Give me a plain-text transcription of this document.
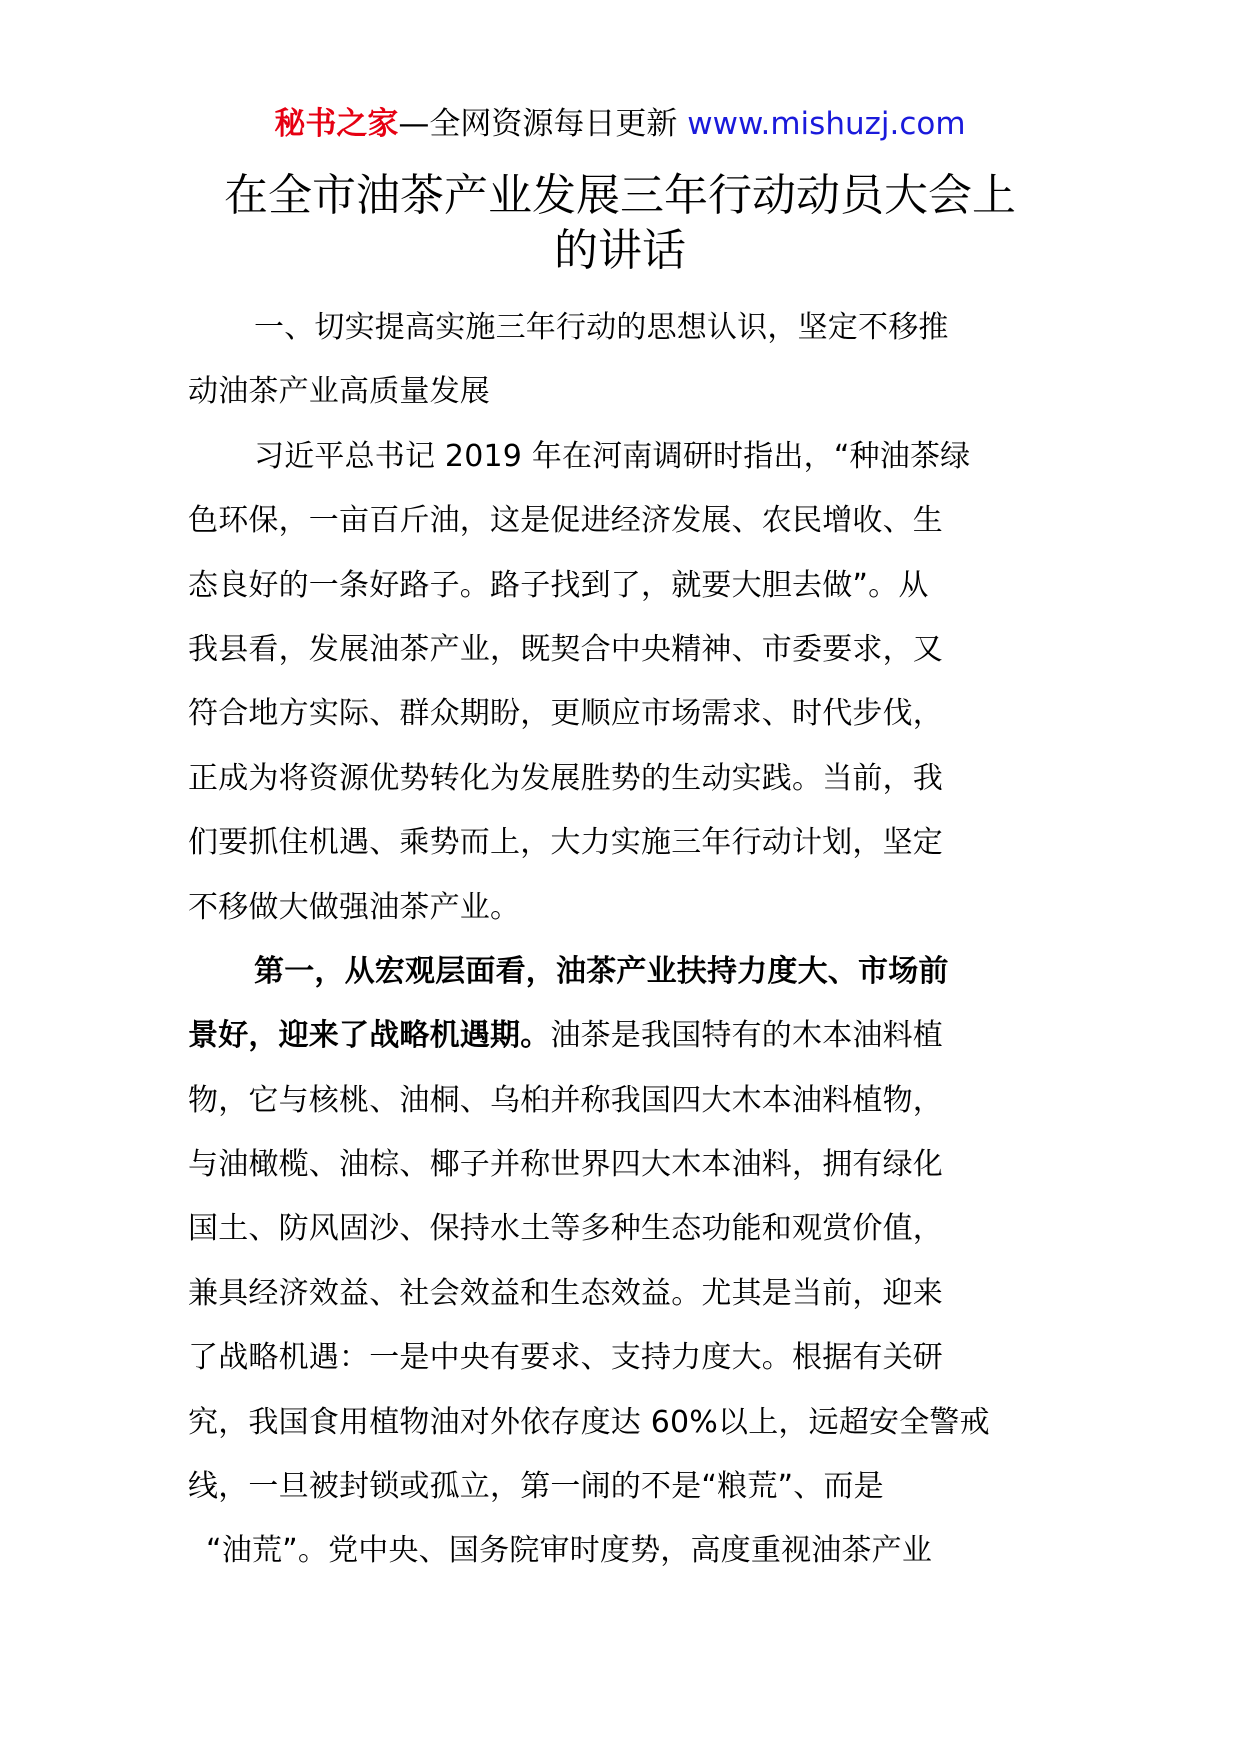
秘书之家—全网资源每日更新 www.mishuzj.com
在全市油茶产业发展三年行动动员大会上
的讲话
一、切实提高实施三年行动的思想认识，坚定不移推
动油茶产业高质量发展
习近平总书记 2019 年在河南调研时指出，“种油茶绿
色环保，一亩百斤油，这是促进经济发展、农民增收、生
态良好的一条好路子。路子找到了，就要大胆去做”。从
我县看，发展油茶产业，既契合中央精神、市委要求，又
符合地方实际、群众期盼，更顺应市场需求、时代步伐，
正成为将资源优势转化为发展胜势的生动实践。当前，我
们要抓住机遇、乘势而上，大力实施三年行动计划，坚定
不移做大做强油茶产业。
第一，从宏观层面看，油茶产业扶持力度大、市场前
景好，迎来了战略机遇期。油茶是我国特有的木本油料植
物，它与核桃、油桐、乌桕并称我国四大木本油料植物，
与油橄榄、油棕、椰子并称世界四大木本油料，拥有绿化
国土、防风固沙、保持水土等多种生态功能和观赏价值，
兼具经济效益、社会效益和生态效益。尤其是当前，迎来
了战略机遇：一是中央有要求、支持力度大。根据有关研
究，我国食用植物油对外依存度达 60%以上，远超安全警戒
线，一旦被封锁或孤立，第一闹的不是“粮荒”、而是
“油荒”。党中央、国务院审时度势，高度重视油茶产业
